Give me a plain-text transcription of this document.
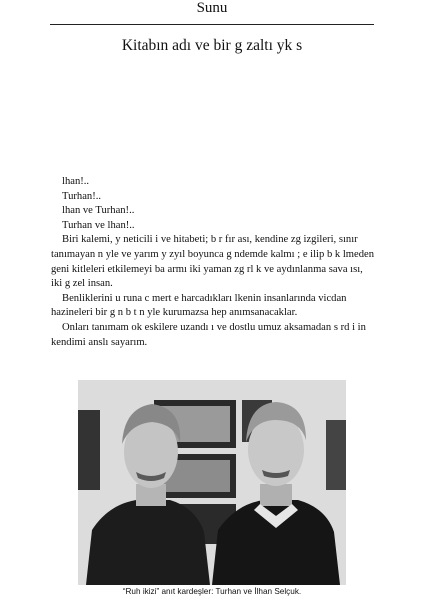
Sunu
Kitabın adı ve bir g zaltı yk s

lhan!..

Turhan!..

lhan ve Turhan!..

Turhan ve lhan!..

Biri kalemi, y neticili i ve hitabeti; b r fır ası, kendine zg izgileri, sınır tanımayan n yle ve yarım y zyıl boyunca g ndemde kalmı ; e ilip b k lmeden geni kitleleri etkilemeyi ba armı iki yaman zg rl k ve aydınlanma sava ısı, iki g zel insan.

Benliklerini u runa c mert e harcadıkları lkenin insanlarında vicdan hazineleri bir g n b t n yle kurumazsa hep anımsanacaklar.

Onları tanımam ok eskilere uzandı ı ve dostlu umuz aksamadan s rd i in kendimi anslı sayarım.

“Ruh ikizi” anıt kardeşler: Turhan ve İlhan Selçuk.
